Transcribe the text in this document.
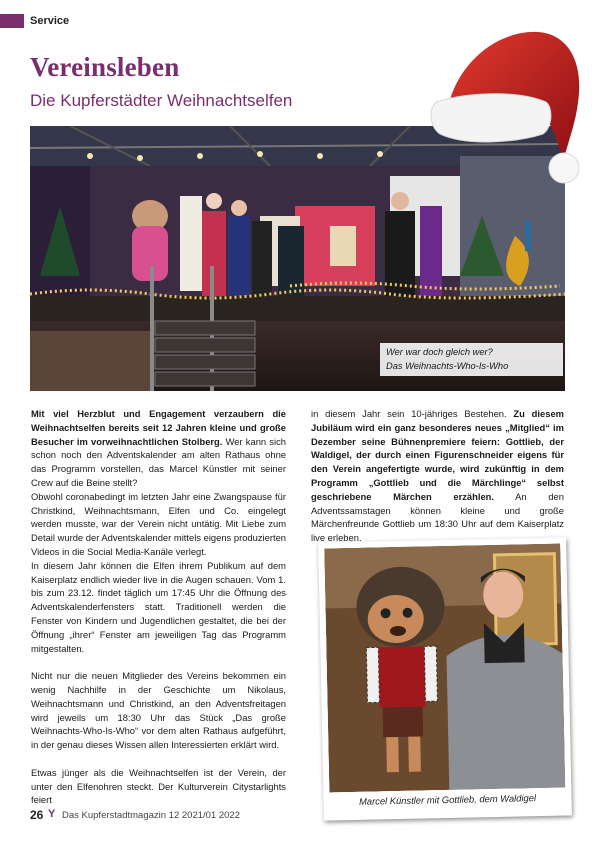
Service
Vereinsleben
Die Kupferstädter Weihnachtselfen
Wer war doch gleich wer?
Das Weihnachts-Who-Is-Who

Mit viel Herzblut und Engagement verzaubern die Weihnachtselfen bereits seit 12 Jahren kleine und große Besucher im vorweihnachtlichen Stolberg. Wer kann sich schon noch den Adventskalender am alten Rathaus ohne das Programm vorstellen, das Marcel Künstler mit seiner Crew auf die Beine stellt?

Obwohl coronabedingt im letzten Jahr eine Zwangspause für Christkind, Weihnachtsmann, Elfen und Co. eingelegt werden musste, war der Verein nicht untätig. Mit Liebe zum Detail wurde der Adventskalender mittels eigens produzierten Videos in die Social Media-Kanäle verlegt.

In diesem Jahr können die Elfen ihrem Publikum auf dem Kaiserplatz endlich wieder live in die Augen schauen. Vom 1. bis zum 23.12. findet täglich um 17:45 Uhr die Öffnung des Adventskalenderfensters statt. Traditionell werden die Fenster von Kindern und Jugendlichen gestaltet, die bei der Öffnung „ihrer“ Fenster am jeweiligen Tag das Programm mitgestalten.

Nicht nur die neuen Mitglieder des Vereins bekommen ein wenig Nachhilfe in der Geschichte um Nikolaus, Weihnachtsmann und Christkind, an den Adventsfreitagen wird jeweils um 18:30 Uhr das Stück „Das große Weihnachts-Who-Is-Who“ vor dem alten Rathaus aufgeführt, in der genau dieses Wissen allen Interessierten erklärt wird.

Etwas jünger als die Weihnachtselfen ist der Verein, der unter den Elfenohren steckt. Der Kulturverein Citystarlights feiert

in diesem Jahr sein 10-jähriges Bestehen. Zu diesem Jubiläum wird ein ganz besonderes neues „Mitglied“ im Dezember seine Bühnenpremiere feiern: Gottlieb, der Waldigel, der durch einen Figurenschneider eigens für den Verein angefertigte wurde, wird zukünftig in dem Programm „Gottlieb und die Märchlinge“ selbst geschriebene Märchen erzählen. An den Adventssamstagen können kleine und große Märchenfreunde Gottlieb um 18:30 Uhr auf dem Kaiserplatz live erleben.

Marcel Künstler mit Gottlieb, dem Waldigel
26 Y Das Kupferstadtmagazin 12 2021/01 2022
